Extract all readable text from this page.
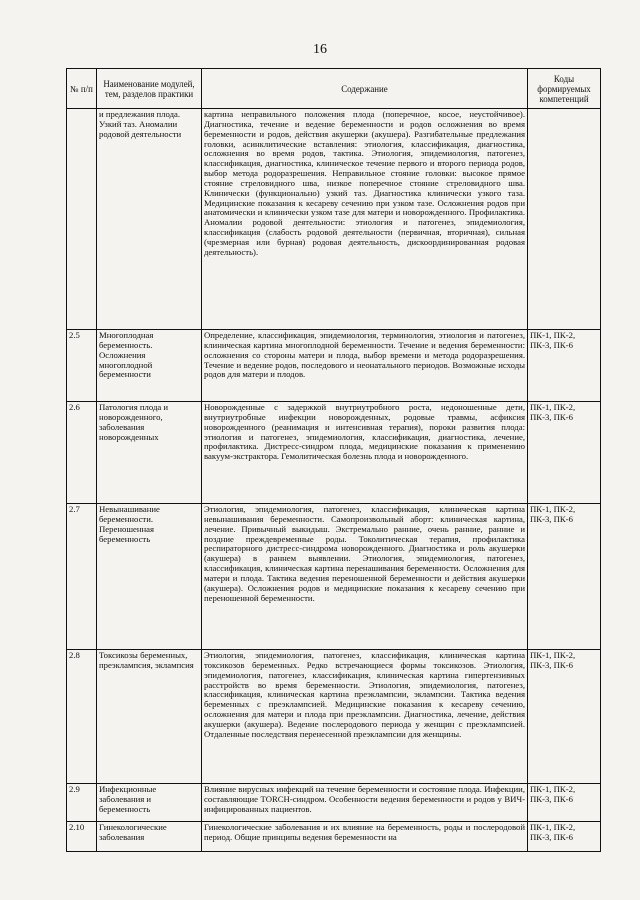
16
№ п/п	Наименование модулей, тем, разделов практики	Содержание	Коды формируемых компетенций
	и предлежания плода. Узкий таз. Аномалии родовой деятельности	картина неправильного положения плода (поперечное, косое, неустойчивое). Диагностика, течение и ведение беременности и родов осложнения во время беременности и родов, действия акушерки (акушера). Разгибательные предлежания головки, асинклитические вставления: этиология, классификация, диагностика, осложнения во время родов, тактика. Этиология, эпидемиология, патогенез, классификация, диагностика, клиническое течение первого и второго периода родов, выбор метода родоразрешения. Неправильное стояние головки: высокое прямое стояние стреловидного шва, низкое поперечное стояние стреловидного шва. Клинически (функционально) узкий таз. Диагностика клинически узкого таза. Медицинские показания к кесареву сечению при узком тазе. Осложнения родов при анатомически и клинически узком тазе для матери и новорожденного. Профилактика. Аномалии родовой деятельности: этиология и патогенез, эпидемиология, классификация (слабость родовой деятельности (первичная, вторичная), сильная (чрезмерная или бурная) родовая деятельность, дискоординированная родовая деятельность).	
2.5	Многоплодная беременность. Осложнения многоплодной беременности	Определение, классификация, эпидемиология, терминология, этиология и патогенез, клиническая картина многоплодной беременности. Течение и ведения беременности: осложнения со стороны матери и плода, выбор времени и метода родоразрешения. Течение и ведение родов, последового и неонатального периодов. Возможные исходы родов для матери и плодов.	ПК-1, ПК-2, ПК-3, ПК-6
2.6	Патология плода и новорожденного, заболевания новорожденных	Новорожденные с задержкой внутриутробного роста, недоношенные дети, внутриутробные инфекции новорожденных, родовые травмы, асфиксия новорожденного (реанимация и интенсивная терапия), пороки развития плода: этиология и патогенез, эпидемиология, классификация, диагностика, лечение, профилактика. Дистресс-синдром плода, медицинские показания к применению вакуум-экстрактора. Гемолитическая болезнь плода и новорожденного.	ПК-1, ПК-2, ПК-3, ПК-6
2.7	Невынашивание беременности. Переношенная беременность	Этиология, эпидемиология, патогенез, классификация, клиническая картина невынашивания беременности. Самопроизвольный аборт: клиническая картина, лечение. Привычный выкидыш. Экстремально ранние, очень ранние, ранние и поздние преждевременные роды. Токолитическая терапия, профилактика респираторного дистресс-синдрома новорожденного. Диагностика и роль акушерки (акушера) в раннем выявлении. Этиология, эпидемиология, патогенез, классификация, клиническая картина перенашивания беременности. Осложнения для матери и плода. Тактика ведения переношенной беременности и действия акушерки (акушера). Осложнения родов и медицинские показания к кесареву сечению при переношенной беременности.	ПК-1, ПК-2, ПК-3, ПК-6
2.8	Токсикозы беременных, преэклампсия, эклампсия	Этиология, эпидемиология, патогенез, классификация, клиническая картина токсикозов беременных. Редко встречающиеся формы токсикозов. Этиология, эпидемиология, патогенез, классификация, клиническая картина гипертензивных расстройств во время беременности. Этиология, эпидемиология, патогенез, классификация, клиническая картина преэклампсии, эклампсии. Тактика ведения беременных с преэклампсией. Медицинские показания к кесареву сечению, осложнения для матери и плода при преэклампсии. Диагностика, лечение, действия акушерки (акушера). Ведение послеродового периода у женщин с преэклампсией. Отдаленные последствия перенесенной преэклампсии для женщины.	ПК-1, ПК-2, ПК-3, ПК-6
2.9	Инфекционные заболевания и беременность	Влияние вирусных инфекций на течение беременности и состояние плода. Инфекции, составляющие TORCH-синдром. Особенности ведения беременности и родов у ВИЧ-инфицированных пациентов.	ПК-1, ПК-2, ПК-3, ПК-6
2.10	Гинекологические заболевания	Гинекологические заболевания и их влияние на беременность, роды и послеродовой период. Общие принципы ведения беременности на	ПК-1, ПК-2, ПК-3, ПК-6
